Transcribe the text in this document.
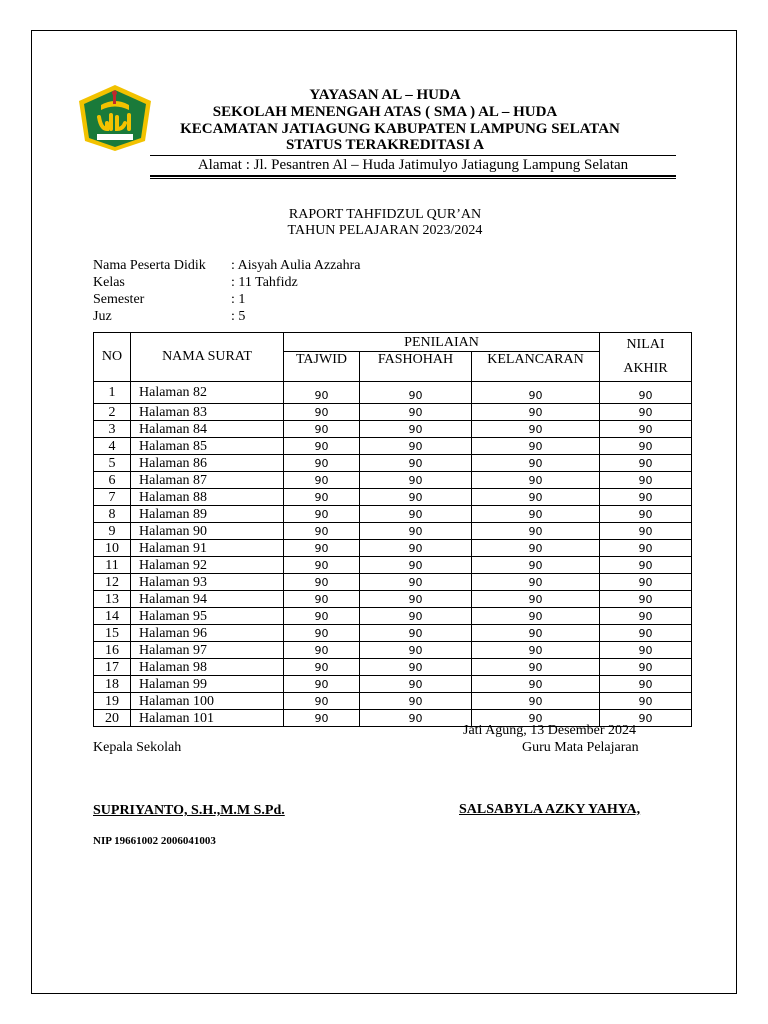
YAYASAN AL – HUDA
SEKOLAH MENENGAH ATAS ( SMA ) AL – HUDA
KECAMATAN JATIAGUNG KABUPATEN LAMPUNG SELATAN
STATUS TERAKREDITASI A
Alamat : Jl. Pesantren Al – Huda Jatimulyo Jatiagung Lampung Selatan
RAPORT TAHFIDZUL QUR’AN
TAHUN PELAJARAN 2023/2024
Nama Peserta Didik	: Aisyah Aulia Azzahra
Kelas	: 11 Tahfidz
Semester	: 1
Juz	: 5
NO	NAMA SURAT	PENILAIAN			NILAI
AKHIR

		TAJWID	FASHOHAH	KELANCARAN	
1	Halaman 82	90	90	90	90
2	Halaman 83	90	90	90	90
3	Halaman 84	90	90	90	90
4	Halaman 85	90	90	90	90
5	Halaman 86	90	90	90	90
6	Halaman 87	90	90	90	90
7	Halaman 88	90	90	90	90
8	Halaman 89	90	90	90	90
9	Halaman 90	90	90	90	90
10	Halaman 91	90	90	90	90
11	Halaman 92	90	90	90	90
12	Halaman 93	90	90	90	90
13	Halaman 94	90	90	90	90
14	Halaman 95	90	90	90	90
15	Halaman 96	90	90	90	90
16	Halaman 97	90	90	90	90
17	Halaman 98	90	90	90	90
18	Halaman 99	90	90	90	90
19	Halaman 100	90	90	90	90
20	Halaman 101	90	90	90	90
Jati Agung, 13 Desember 2024
Kepala Sekolah	Guru Mata Pelajaran
SUPRIYANTO, S.H.,M.M S.Pd.
NIP 19661002 2006041003
SALSABYLA AZKY YAHYA,
